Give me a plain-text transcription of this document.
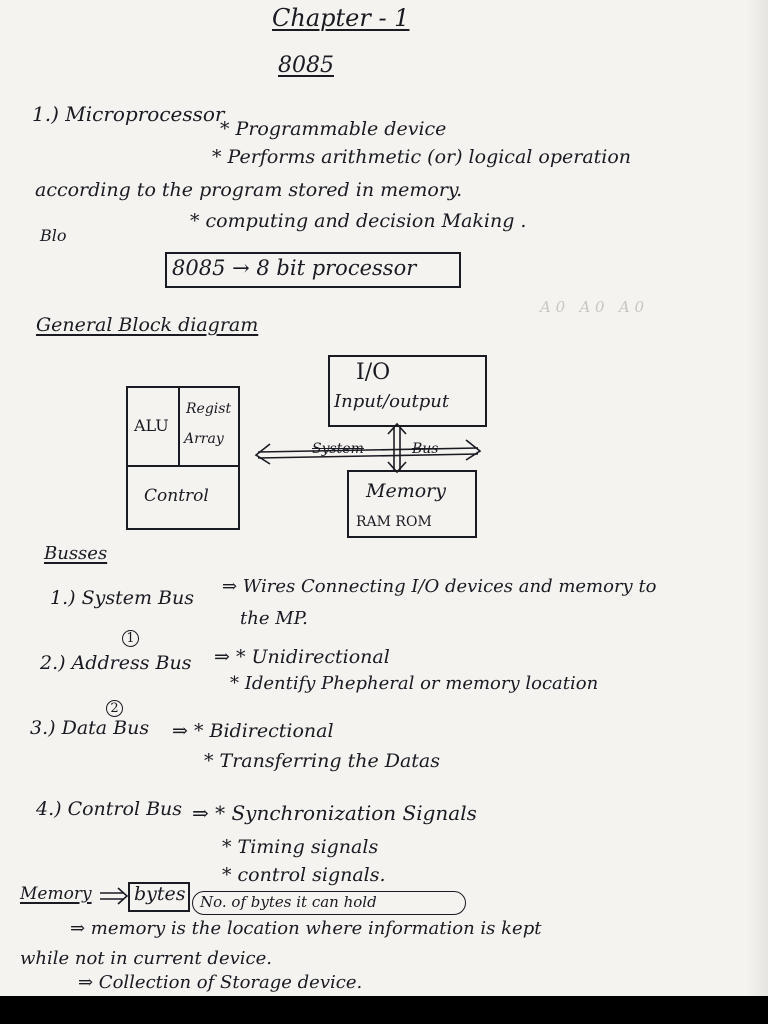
A 0   A 0   A 0
Chapter - 1
8085
1.) Microprocessor
* Programmable device
* Performs arithmetic (or) logical operation
according to the program stored in memory.
* computing and decision Making .
Blo
8085 → 8 bit processor
General Block diagram
ALU
Regist
Array
Control
I/O
Input/output
Memory
RAM ROM
System	Bus
Busses
1.) System Bus
⇒ Wires Connecting I/O devices and memory to
the MP.
1
2.) Address Bus ⇒ * Unidirectional
* Identify Phepheral or memory location
2
3.) Data Bus ⇒ * Bidirectional
* Transferring the Datas
4.) Control Bus ⇒ * Synchronization Signals
* Timing signals
* control signals.
Memory bytes No. of bytes it can hold
⇒ memory is the location where information is kept
while not in current device.
⇒ Collection of Storage device.
